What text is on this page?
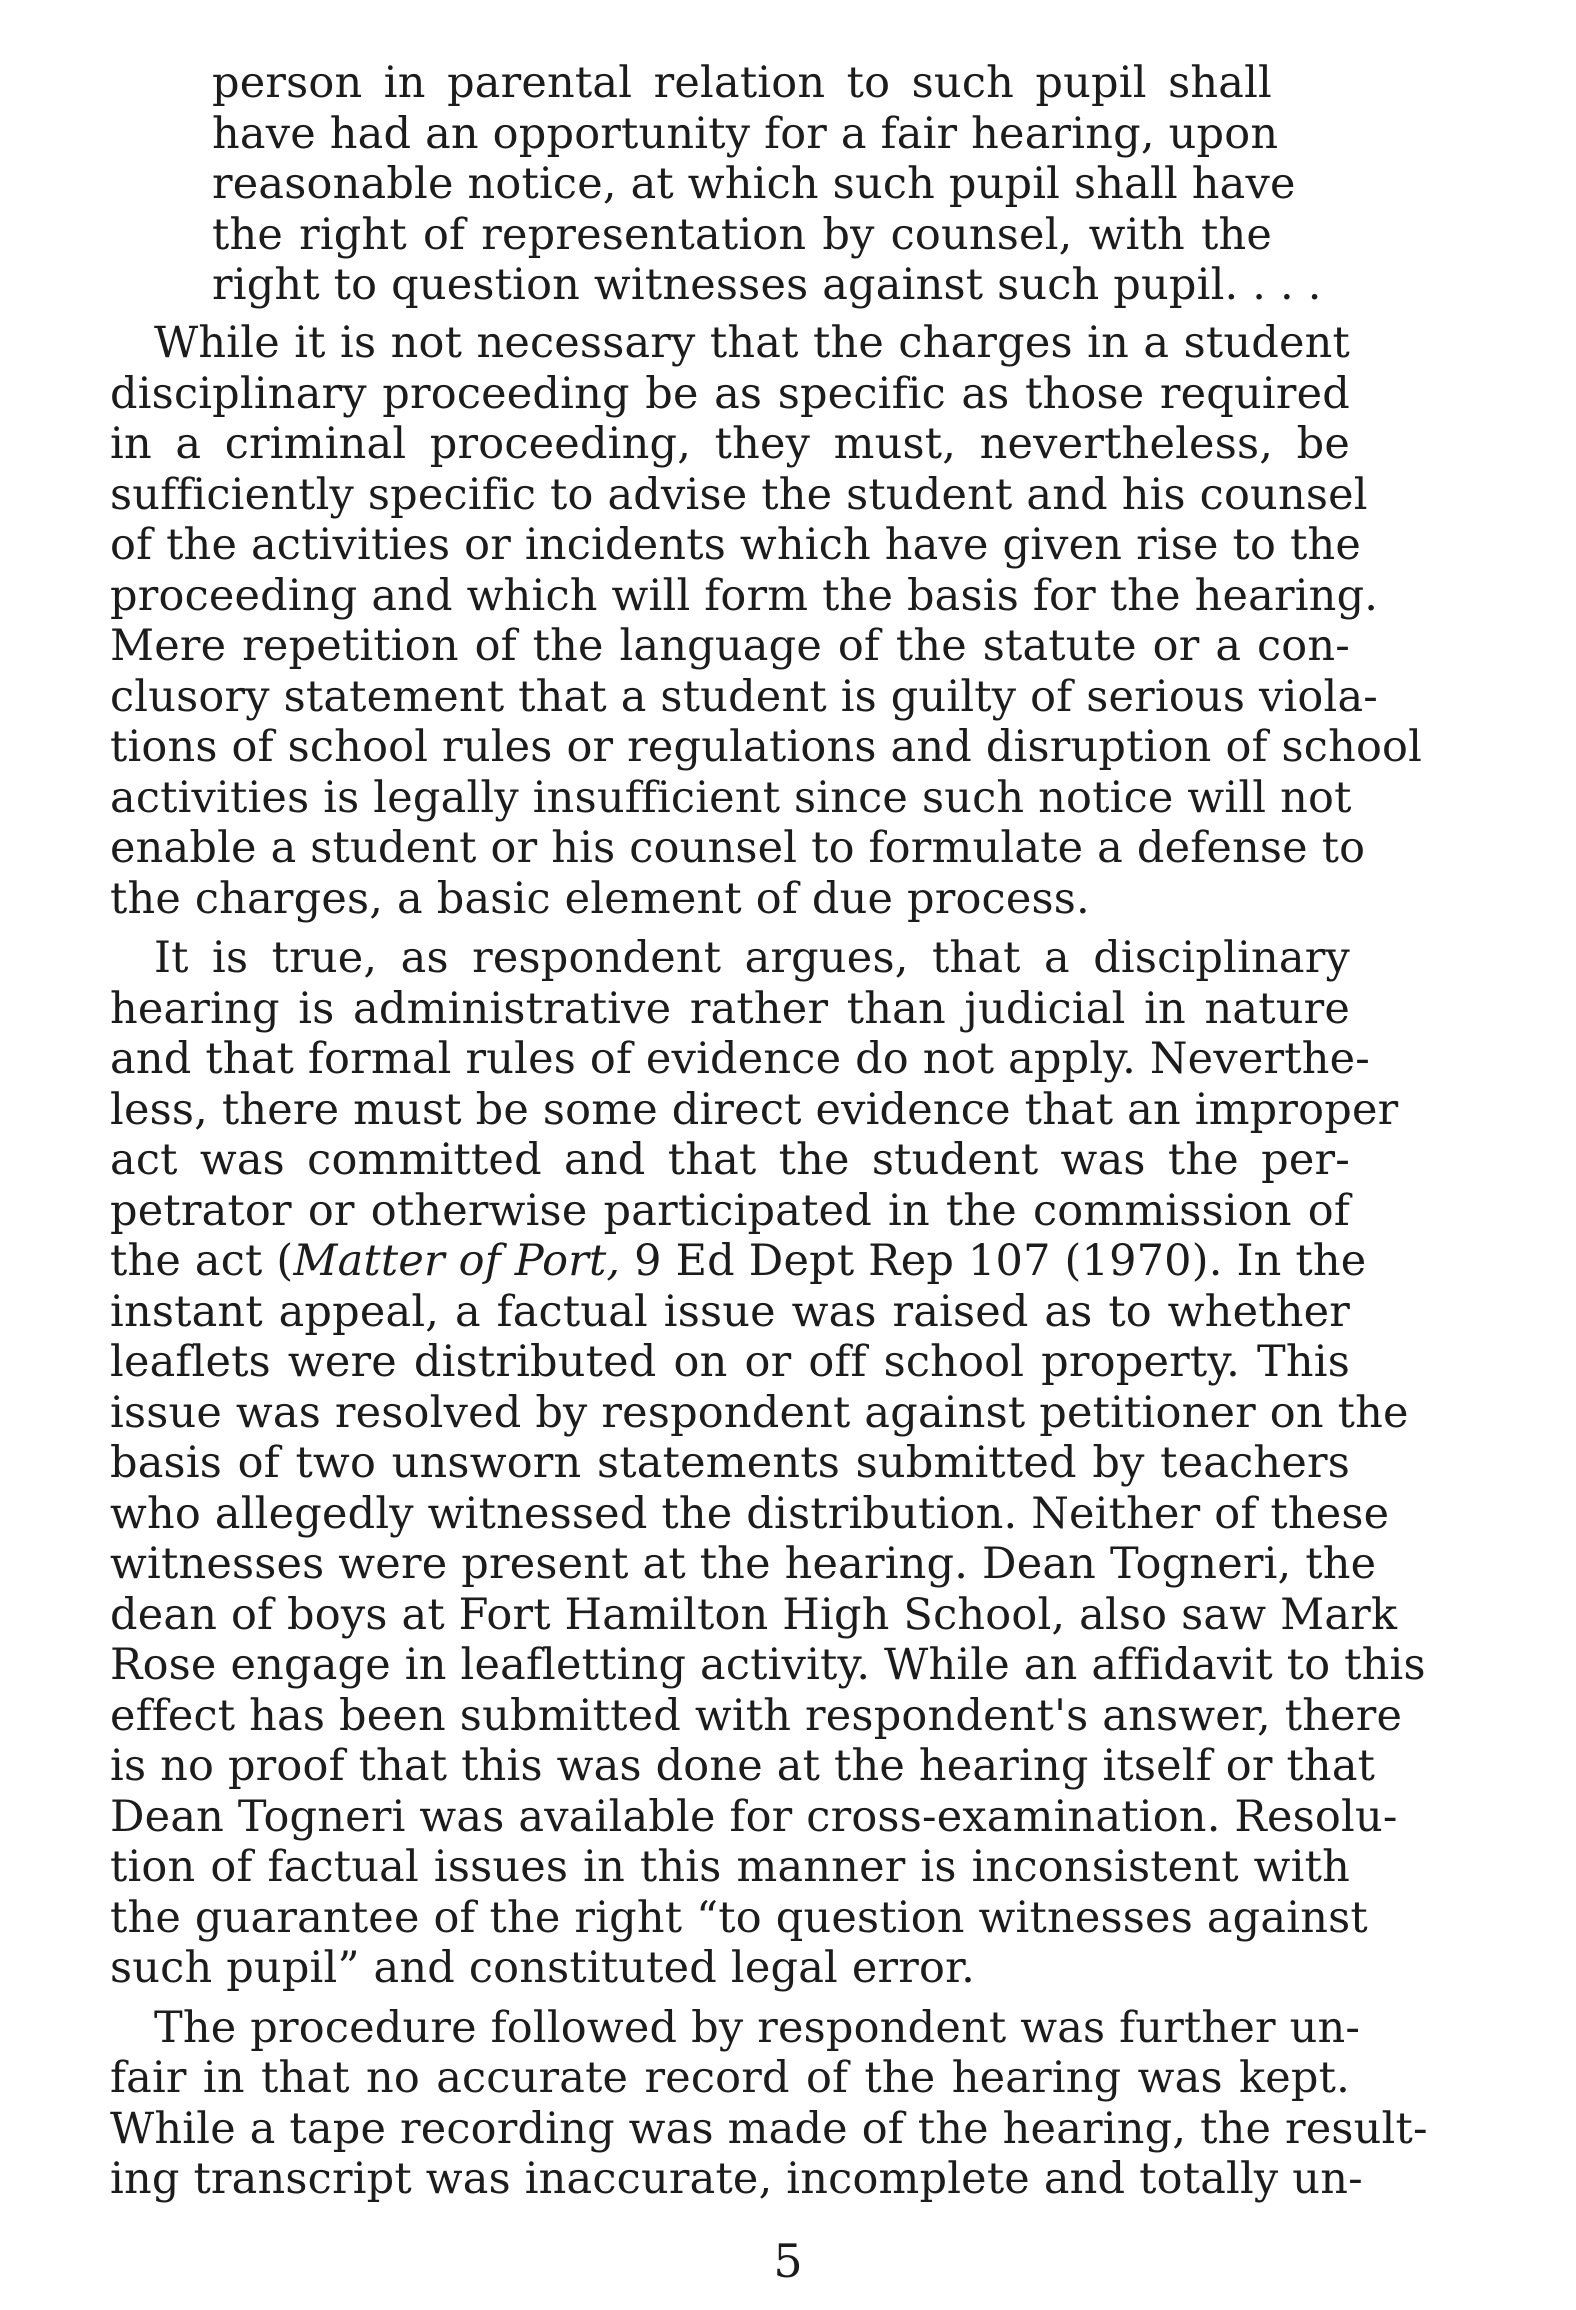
person in parental relation to such pupil shall
have had an opportunity for a fair hearing, upon
reasonable notice, at which such pupil shall have
the right of representation by counsel, with the
right to question witnesses against such pupil. . . .
While it is not necessary that the charges in a student
disciplinary proceeding be as specific as those required
in a criminal proceeding, they must, nevertheless, be
sufficiently specific to advise the student and his counsel
of the activities or incidents which have given rise to the
proceeding and which will form the basis for the hearing.
Mere repetition of the language of the statute or a con-
clusory statement that a student is guilty of serious viola-
tions of school rules or regulations and disruption of school
activities is legally insufficient since such notice will not
enable a student or his counsel to formulate a defense to
the charges, a basic element of due process.
It is true, as respondent argues, that a disciplinary
hearing is administrative rather than judicial in nature
and that formal rules of evidence do not apply. Neverthe-
less, there must be some direct evidence that an improper
act was committed and that the student was the per-
petrator or otherwise participated in the commission of
the act (Matter of Port, 9 Ed Dept Rep 107 (1970). In the
instant appeal, a factual issue was raised as to whether
leaflets were distributed on or off school property. This
issue was resolved by respondent against petitioner on the
basis of two unsworn statements submitted by teachers
who allegedly witnessed the distribution. Neither of these
witnesses were present at the hearing. Dean Togneri, the
dean of boys at Fort Hamilton High School, also saw Mark
Rose engage in leafletting activity. While an affidavit to this
effect has been submitted with respondent's answer, there
is no proof that this was done at the hearing itself or that
Dean Togneri was available for cross-examination. Resolu-
tion of factual issues in this manner is inconsistent with
the guarantee of the right “to question witnesses against
such pupil” and constituted legal error.
The procedure followed by respondent was further un-
fair in that no accurate record of the hearing was kept.
While a tape recording was made of the hearing, the result-
ing transcript was inaccurate, incomplete and totally un-
5
